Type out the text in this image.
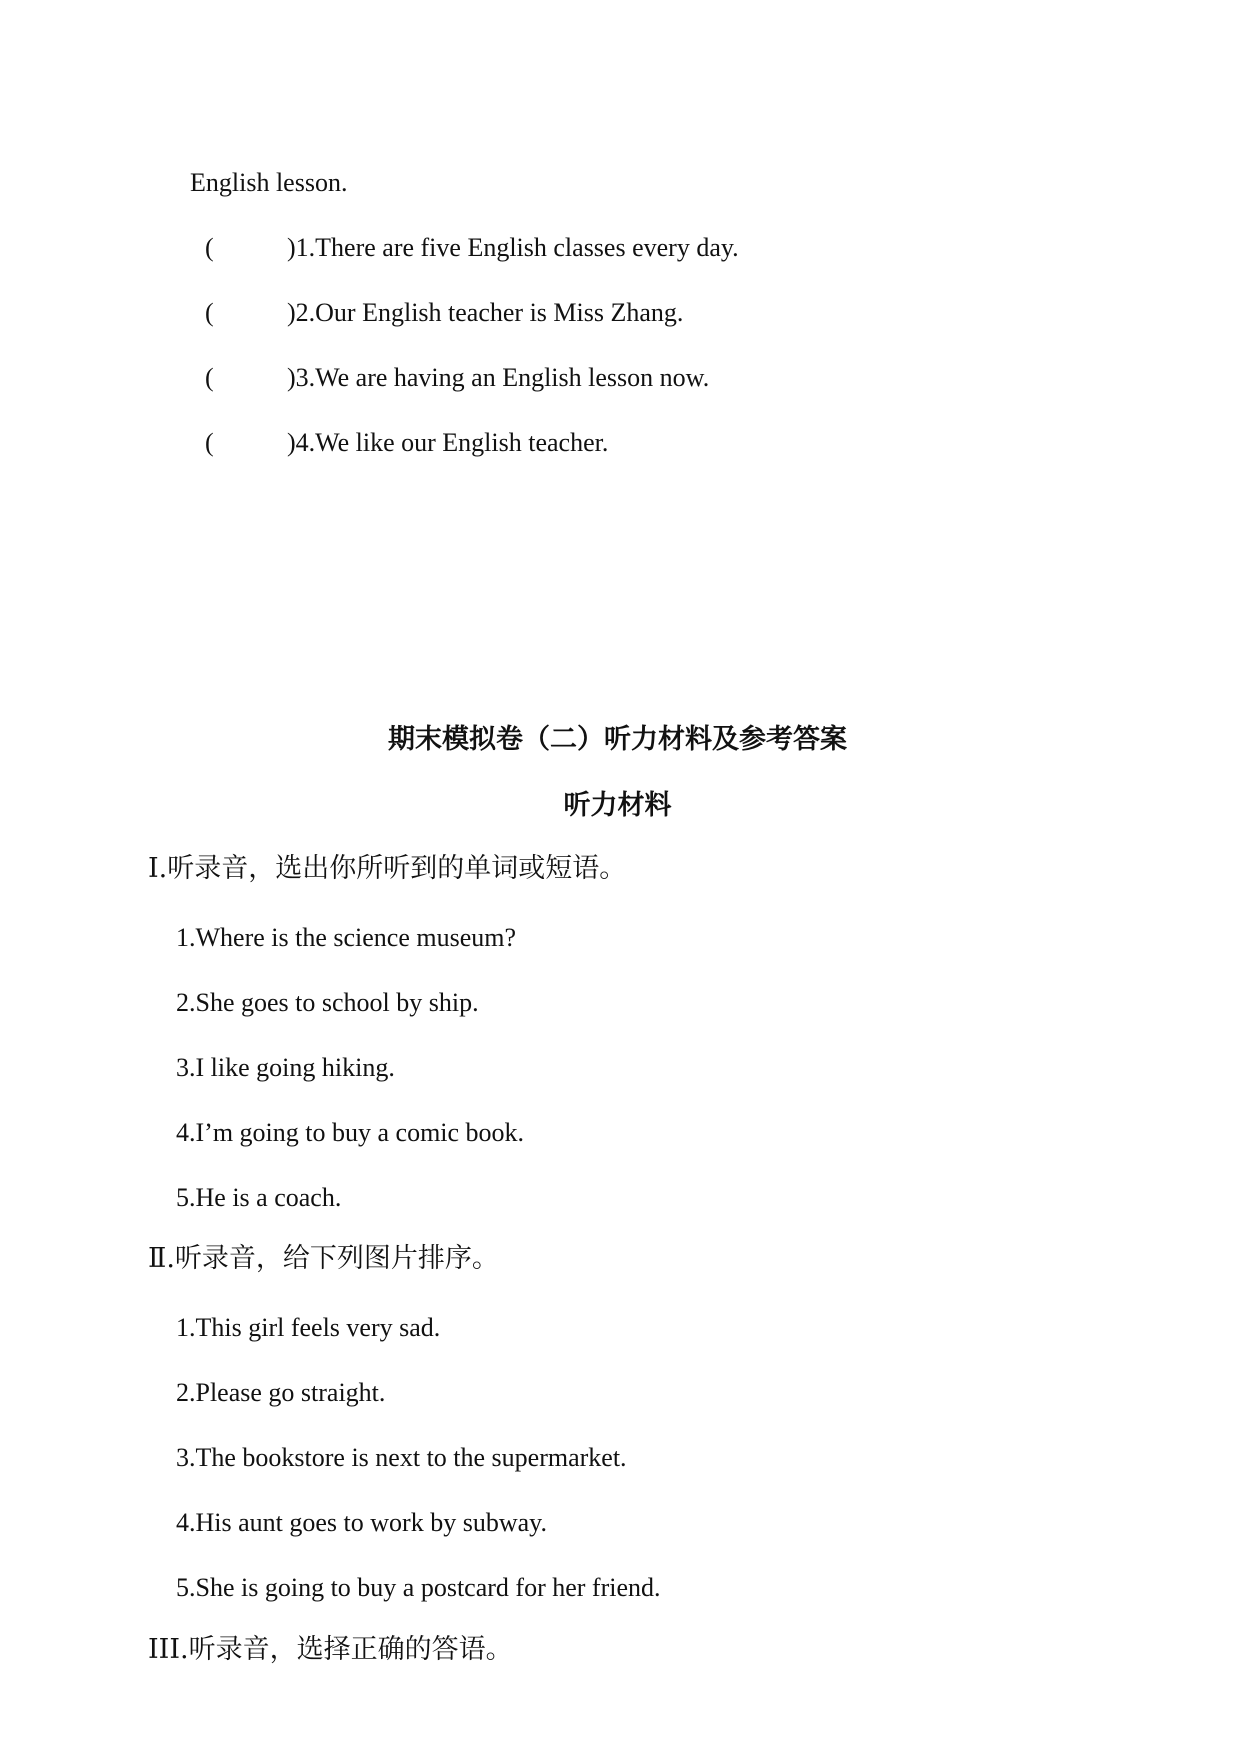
English lesson.
(	)1.There are five English classes every day.
(	)2.Our English teacher is Miss Zhang.
(	)3.We are having an English lesson now.
(	)4.We like our English teacher.
期末模拟卷（二）听力材料及参考答案
听力材料
Ⅰ.听录音，选出你所听到的单词或短语。
1.Where is the science museum?
2.She goes to school by ship.
3.I like going hiking.
4.I’m going to buy a comic book.
5.He is a coach.
Ⅱ.听录音，给下列图片排序。
1.This girl feels very sad.
2.Please go straight.
3.The bookstore is next to the supermarket.
4.His aunt goes to work by subway.
5.She is going to buy a postcard for her friend.
III.听录音，选择正确的答语。
